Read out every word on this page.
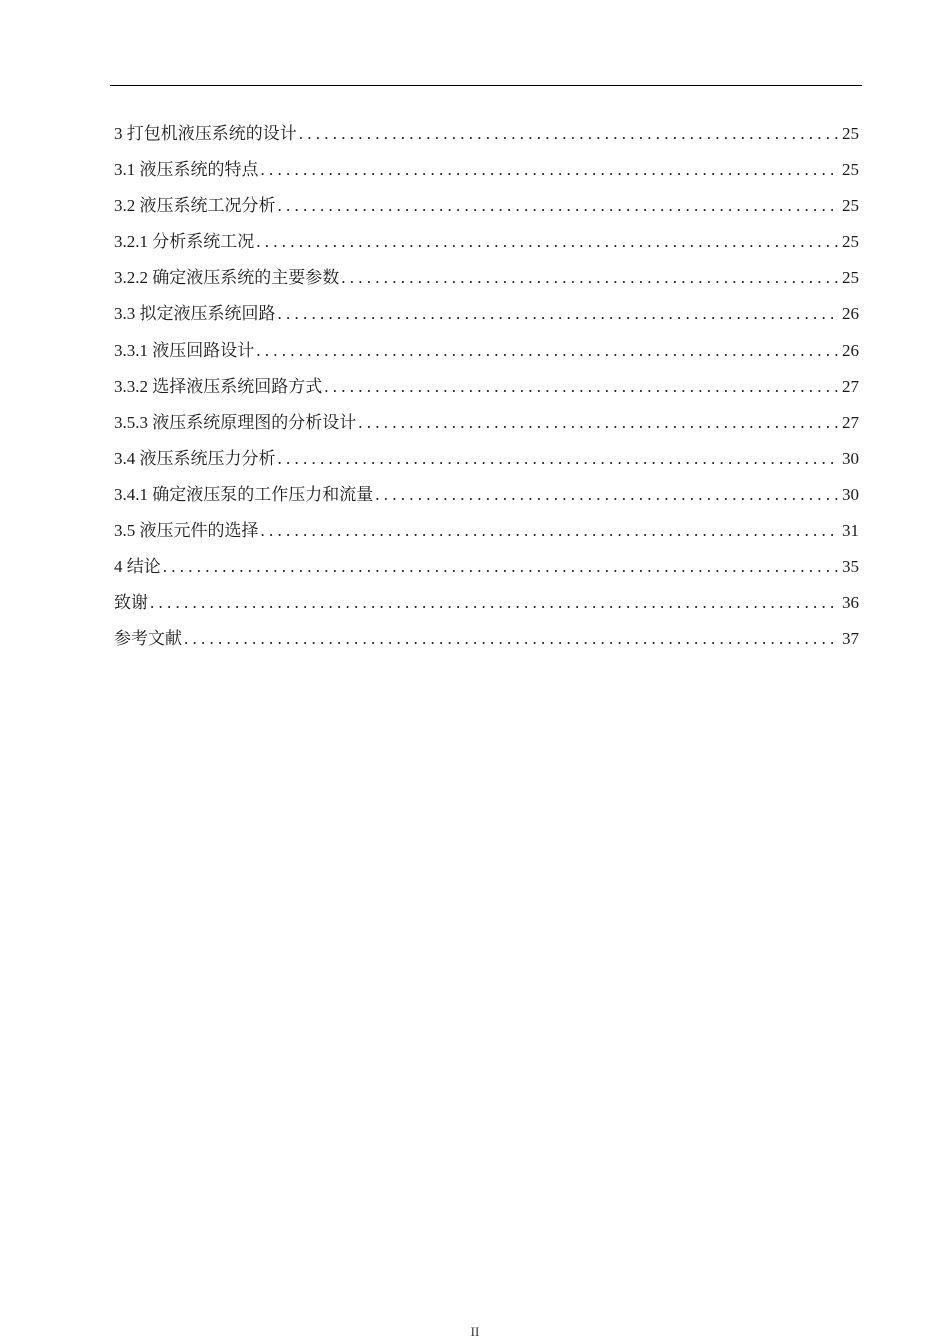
3 打包机液压系统的设计 . . .	25
3.1 液压系统的特点 . . .	25
3.2 液压系统工况分析 . . .	25
3.2.1 分析系统工况 . . .	25
3.2.2 确定液压系统的主要参数 . . .	25
3.3 拟定液压系统回路 . . .	26
3.3.1 液压回路设计 . . .	26
3.3.2 选择液压系统回路方式 . . .	27
3.5.3 液压系统原理图的分析设计 . . .	27
3.4 液压系统压力分析 . . .	30
3.4.1 确定液压泵的工作压力和流量 . . .	30
3.5 液压元件的选择 . . .	31
4 结论 . . .	35
致谢 . . .	36
参考文献 . . .	37
II
